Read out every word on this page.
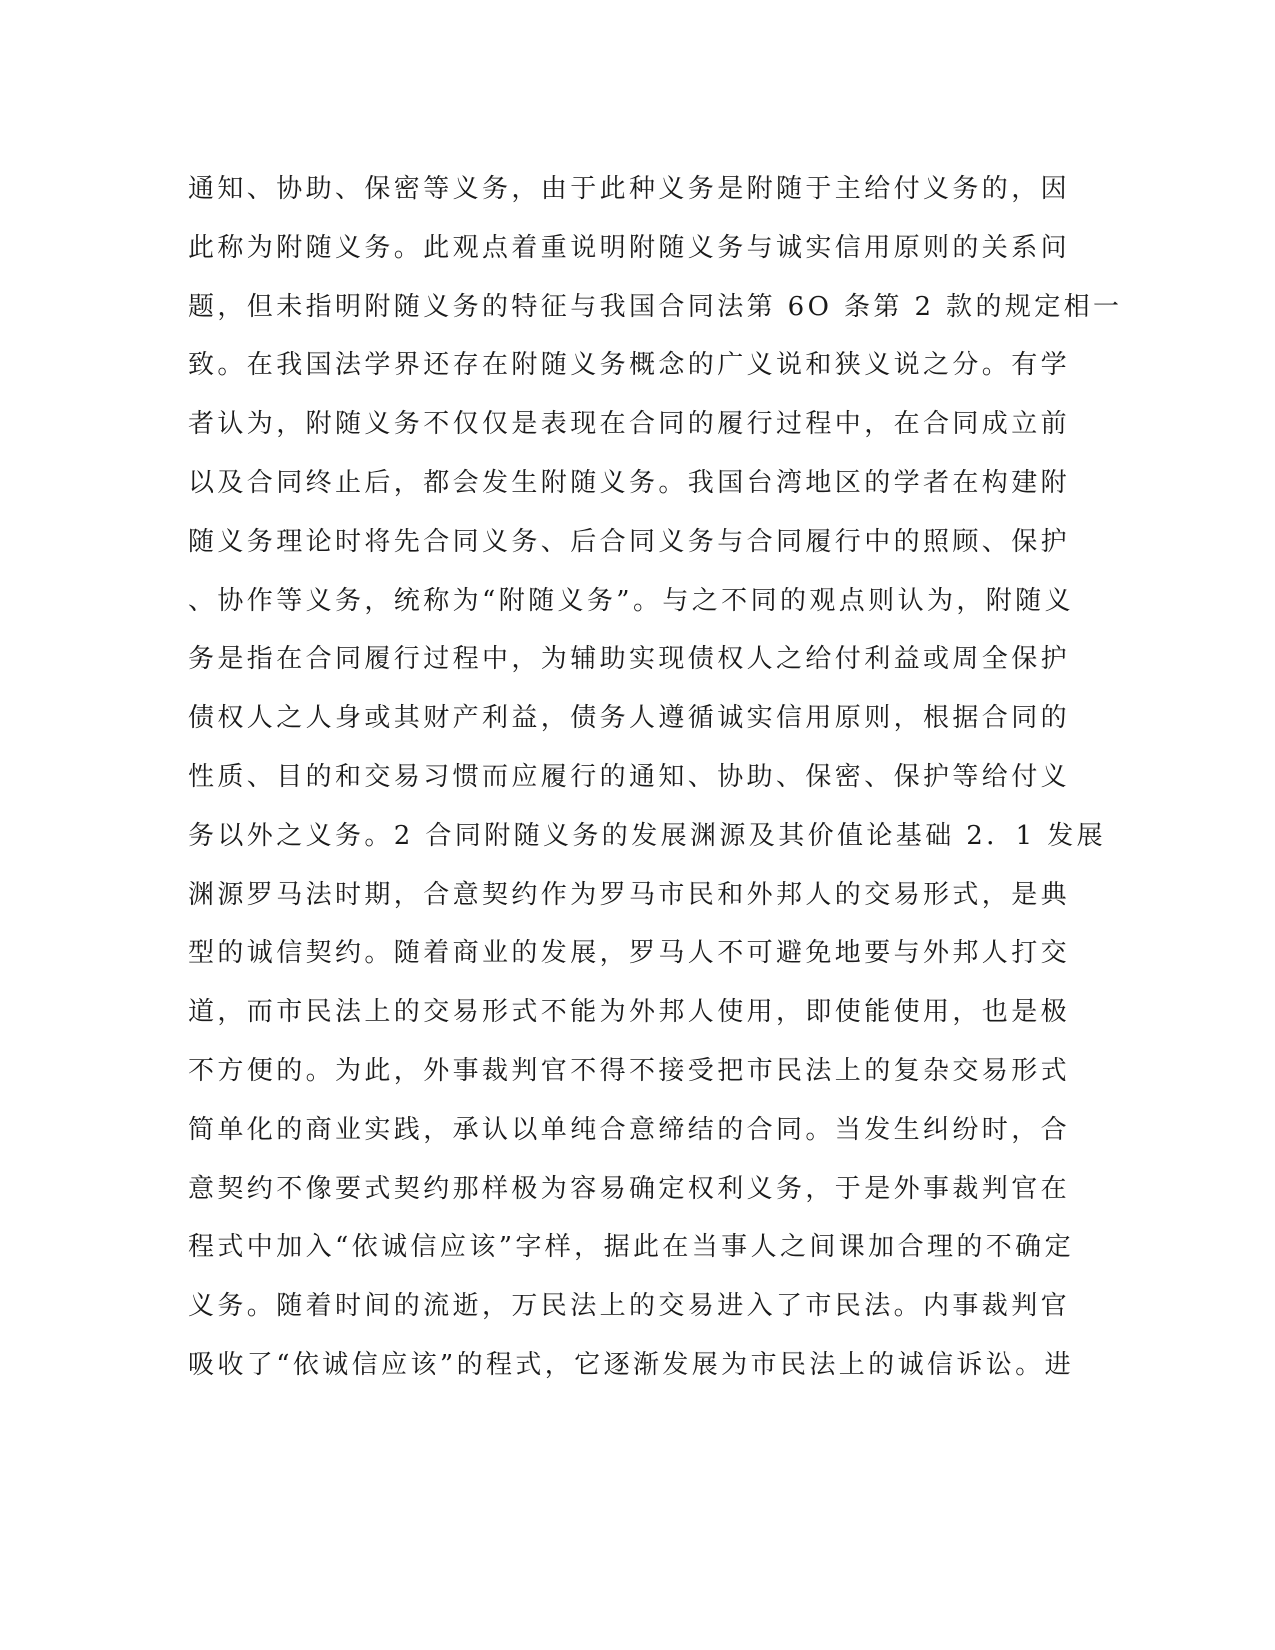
通知、协助、保密等义务，由于此种义务是附随于主给付义务的，因
此称为附随义务。此观点着重说明附随义务与诚实信用原则的关系问
题，但未指明附随义务的特征与我国合同法第 6O 条第 2 款的规定相一
致。在我国法学界还存在附随义务概念的广义说和狭义说之分。有学
者认为，附随义务不仅仅是表现在合同的履行过程中，在合同成立前
以及合同终止后，都会发生附随义务。我国台湾地区的学者在构建附
随义务理论时将先合同义务、后合同义务与合同履行中的照顾、保护
、协作等义务，统称为“附随义务”。与之不同的观点则认为，附随义
务是指在合同履行过程中，为辅助实现债权人之给付利益或周全保护
债权人之人身或其财产利益，债务人遵循诚实信用原则，根据合同的
性质、目的和交易习惯而应履行的通知、协助、保密、保护等给付义
务以外之义务。2 合同附随义务的发展渊源及其价值论基础 2．1 发展
渊源罗马法时期，合意契约作为罗马市民和外邦人的交易形式，是典
型的诚信契约。随着商业的发展，罗马人不可避免地要与外邦人打交
道，而市民法上的交易形式不能为外邦人使用，即使能使用，也是极
不方便的。为此，外事裁判官不得不接受把市民法上的复杂交易形式
简单化的商业实践，承认以单纯合意缔结的合同。当发生纠纷时，合
意契约不像要式契约那样极为容易确定权利义务，于是外事裁判官在
程式中加入“依诚信应该”字样，据此在当事人之间课加合理的不确定
义务。随着时间的流逝，万民法上的交易进入了市民法。内事裁判官
吸收了“依诚信应该”的程式，它逐渐发展为市民法上的诚信诉讼。进
